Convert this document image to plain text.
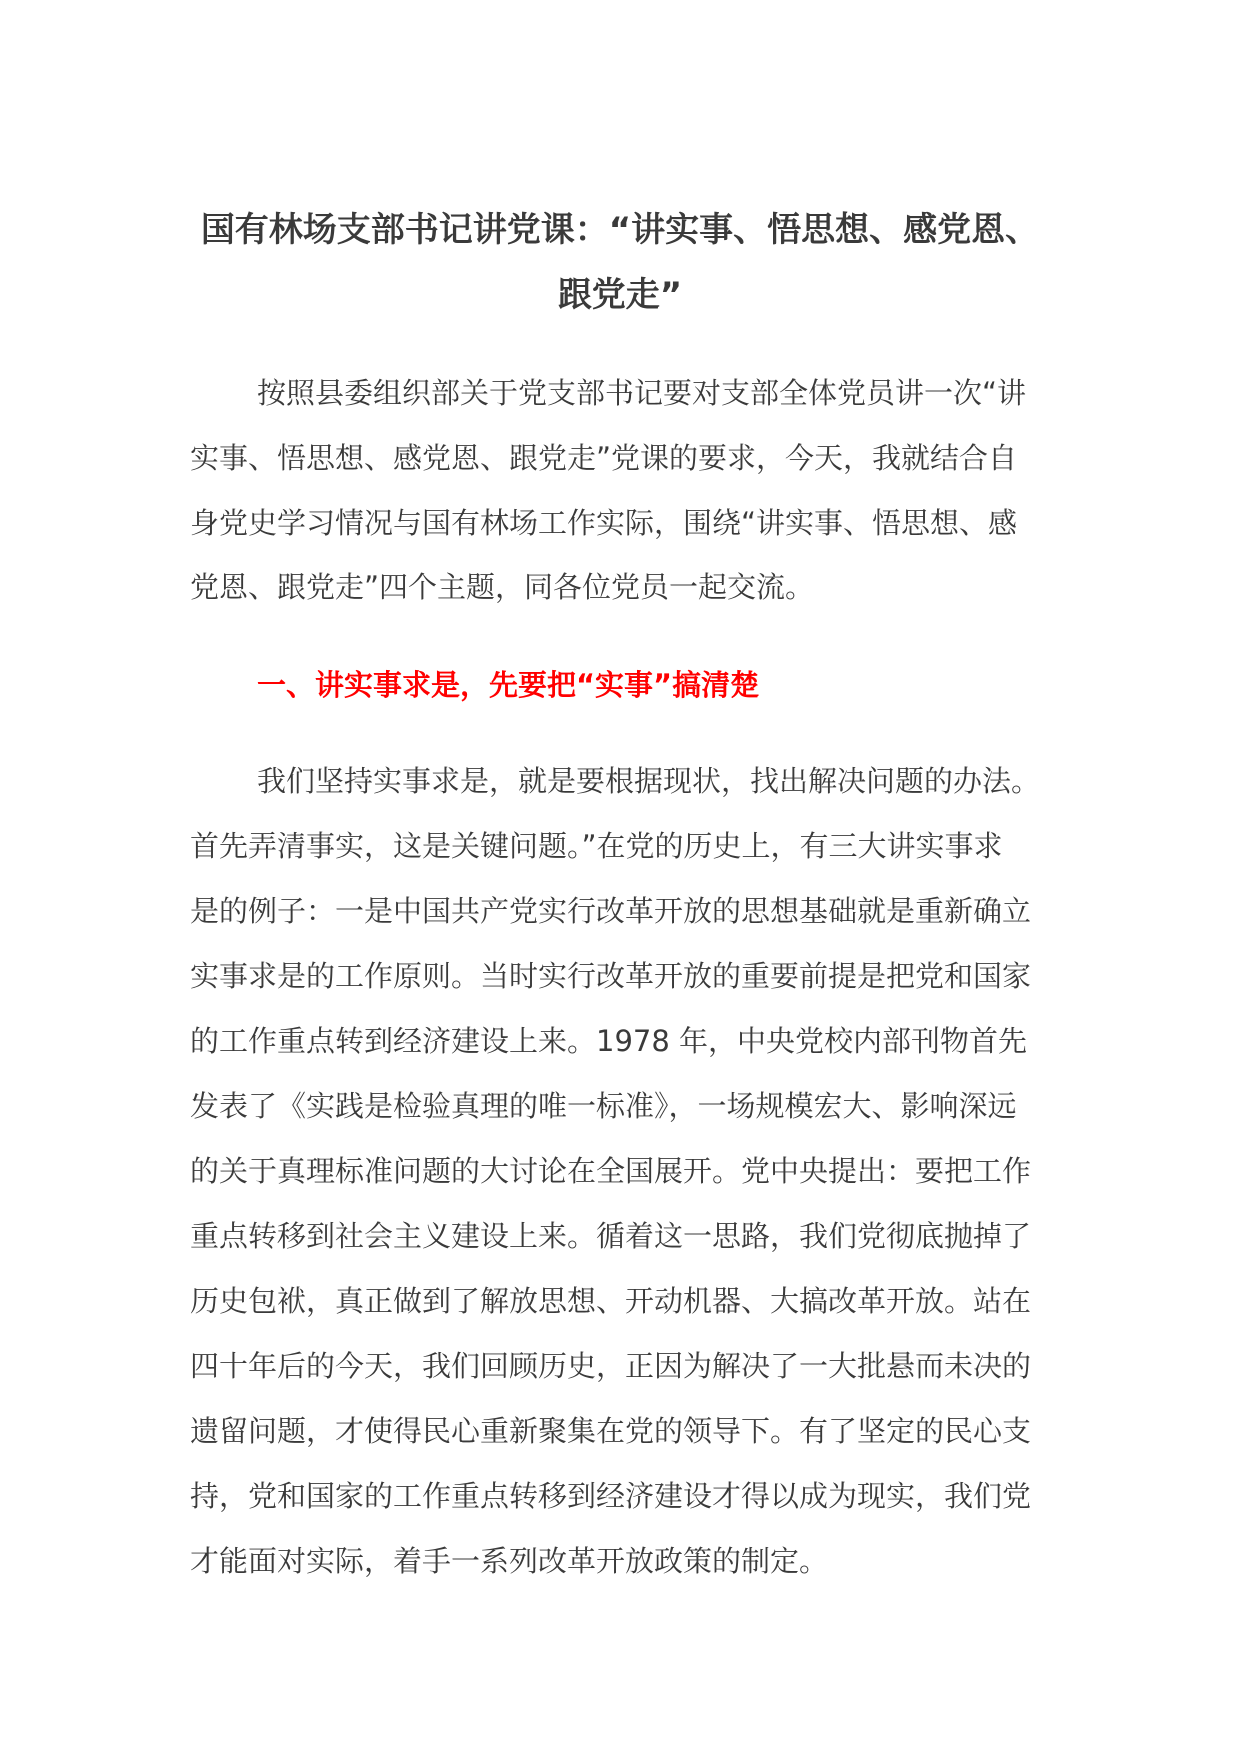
国有林场支部书记讲党课：“讲实事、悟思想、感党恩、
跟党走”

按照县委组织部关于党支部书记要对支部全体党员讲一次“讲

实事、悟思想、感党恩、跟党走”党课的要求，今天，我就结合自

身党史学习情况与国有林场工作实际，围绕“讲实事、悟思想、感

党恩、跟党走”四个主题，同各位党员一起交流。

一、讲实事求是，先要把“实事”搞清楚

我们坚持实事求是，就是要根据现状，找出解决问题的办法。

首先弄清事实，这是关键问题。”在党的历史上，有三大讲实事求

是的例子：一是中国共产党实行改革开放的思想基础就是重新确立

实事求是的工作原则。当时实行改革开放的重要前提是把党和国家

的工作重点转到经济建设上来。1978 年，中央党校内部刊物首先

发表了《实践是检验真理的唯一标准》，一场规模宏大、影响深远

的关于真理标准问题的大讨论在全国展开。党中央提出：要把工作

重点转移到社会主义建设上来。循着这一思路，我们党彻底抛掉了

历史包袱，真正做到了解放思想、开动机器、大搞改革开放。站在

四十年后的今天，我们回顾历史，正因为解决了一大批悬而未决的

遗留问题，才使得民心重新聚集在党的领导下。有了坚定的民心支

持，党和国家的工作重点转移到经济建设才得以成为现实，我们党

才能面对实际，着手一系列改革开放政策的制定。
